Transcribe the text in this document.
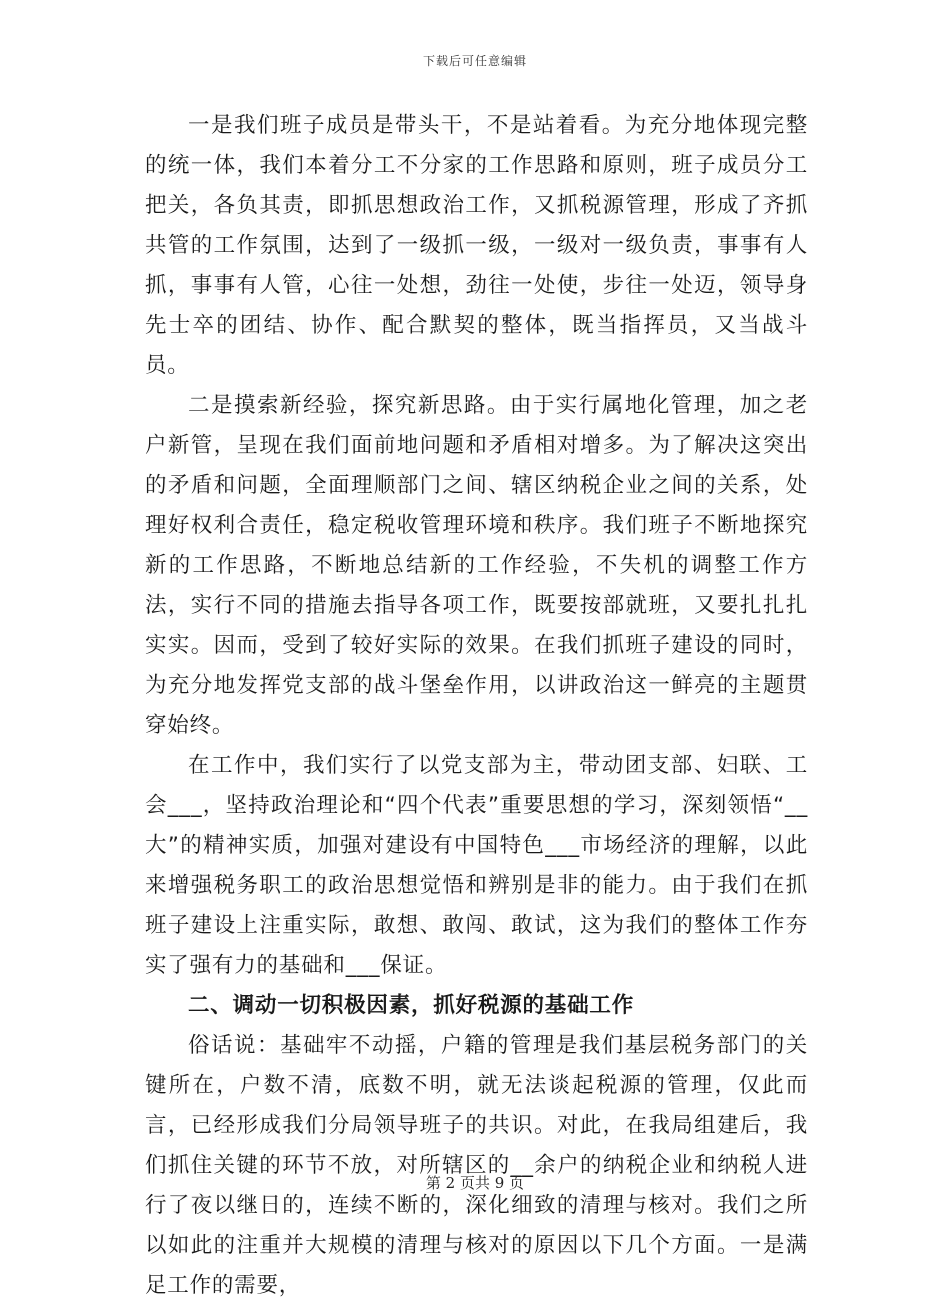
下载后可任意编辑

一是我们班子成员是带头干，不是站着看。为充分地体现完整的统一体，我们本着分工不分家的工作思路和原则，班子成员分工把关，各负其责，即抓思想政治工作，又抓税源管理，形成了齐抓共管的工作氛围，达到了一级抓一级，一级对一级负责，事事有人抓，事事有人管，心往一处想，劲往一处使，步往一处迈，领导身先士卒的团结、协作、配合默契的整体，既当指挥员，又当战斗员。

二是摸索新经验，探究新思路。由于实行属地化管理，加之老户新管，呈现在我们面前地问题和矛盾相对增多。为了解决这突出的矛盾和问题，全面理顺部门之间、辖区纳税企业之间的关系，处理好权利合责任，稳定税收管理环境和秩序。我们班子不断地探究新的工作思路，不断地总结新的工作经验，不失机的调整工作方法，实行不同的措施去指导各项工作，既要按部就班，又要扎扎扎实实。因而，受到了较好实际的效果。在我们抓班子建设的同时，为充分地发挥党支部的战斗堡垒作用，以讲政治这一鲜亮的主题贯穿始终。

在工作中，我们实行了以党支部为主，带动团支部、妇联、工会___，坚持政治理论和“四个代表”重要思想的学习，深刻领悟“__大”的精神实质，加强对建设有中国特色___市场经济的理解，以此来增强税务职工的政治思想觉悟和辨别是非的能力。由于我们在抓班子建设上注重实际，敢想、敢闯、敢试，这为我们的整体工作夯实了强有力的基础和___保证。

二、调动一切积极因素，抓好税源的基础工作

俗话说：基础牢不动摇，户籍的管理是我们基层税务部门的关键所在，户数不清，底数不明，就无法谈起税源的管理，仅此而言，已经形成我们分局领导班子的共识。对此，在我局组建后，我们抓住关键的环节不放，对所辖区的__余户的纳税企业和纳税人进行了夜以继日的，连续不断的，深化细致的清理与核对。我们之所以如此的注重并大规模的清理与核对的原因以下几个方面。一是满足工作的需要，

第 2 页共 9 页
